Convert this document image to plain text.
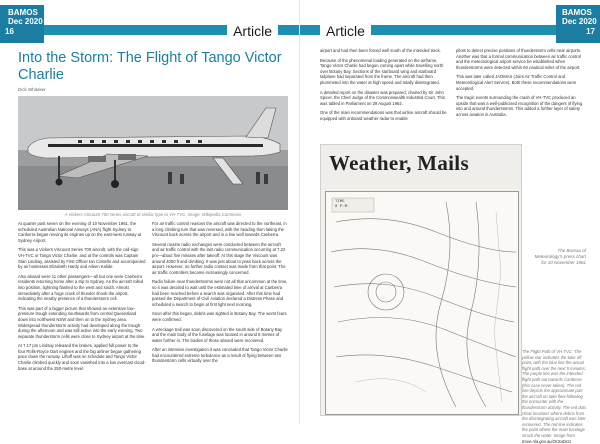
BAMOS
Dec 2020
16	Article
Into the Storm: The Flight of Tango Victor Charlie
Dick Whitaker
A Vickers Viscount 700 series aircraft of similar type to VH-TVC. Image: Wikipedia Commons

At quarter past seven on the evening of 10 November 1961, the scheduled Australian National Airways (ANA) flight Sydney to Canberra began revving its engines up on the east-west runway at Sydney Airport.

This was a Vickers Viscount Series 700 aircraft, with the call-sign VH-TVC or Tango Victor Charlie, and at the controls was Captain Stan Lindsay, assisted by First Officer Ian Costello and accompanied by air hostesses Elizabeth Hardy and Aileen Kalide.

Also aboard were 11 other passengers—all but one were Canberra residents returning home after a trip to Sydney. As the aircraft rolled into position, lightning flashed to the west and south. Almost immediately after a huge crack of thunder shook the airport, indicating the nearby presence of a thunderstorm cell.

This was part of a bigger picture that showed an extensive low-pressure trough extending southwards from central Queensland down into northwest NSW and then on to the Sydney area. Widespread thunderstorm activity had developed along the trough during the afternoon and was still active into the early evening. Two separate thunderstorm cells were close to Sydney airport at the time.

At 7.17 pm Lindsay released the brakes, applied full power to the four Rolls-Royce Dart engines and the big airliner began gathering pace down the runway. Liftoff was on schedule and Tango Victor Charlie climbed quickly and soon vanished into a low overcast cloud-base at around the 250-metre level.

For air traffic control reasons the aircraft was directed to the northeast, in a long climbing turn that was reversed, with the heading then taking the Viscount back across the airport and in a line well towards Canberra.

Several routine radio exchanges were conducted between the aircraft and air traffic control with the last radio communication occurring at 7.22 pm—about five minutes after takeoff. At this stage the Viscount was around 4000 ft and climbing. It was just about to pass back across the airport. However, no further radio contact was made from that point. The air traffic controllers became increasingly concerned.

Radio failure near thunderstorms were not all that uncommon at the time, so it was decided to wait until the estimated time of arrival at Canberra had been reached before a search was organised. After this time had passed the Department of Civil Aviation declared a Distress Phase and scheduled a search to begin at first light next morning.

Soon after this began, debris was sighted in Botany Bay. The worst fears were confirmed.

A wreckage trail was soon discovered on the south side of Botany Bay and the main body of the fuselage was located in around 6 metres of water further in. The bodies of those aboard were recovered.

After an intensive investigation it was concluded that Tango Victor Charlie had encountered extreme turbulence as a result of flying between two thunderstorm cells virtually over the

BAMOS
Dec 2020
17
Article

airport and had then been forced well south of the intended track.

Because of the phenomenal loading generated on the airframe, Tango Victor Charlie had begun coming apart while travelling north over Botany Bay. Sections of the starboard wing and starboard tailplane had separated from the frame. The aircraft had then plummeted into the water at high speed and totally disintegrated.

A detailed report on the disaster was prepared, chaired by Sir John Spicer, the Chief Judge of the Commonwealth Industrial Court. This was tabled in Parliament on 29 August 1962.

One of the main recommendations was that airline aircraft should be equipped with onboard weather radar to enable

pilots to detect precise positions of thunderstorm cells near airports. Another was that a formal communication between air traffic control and the meteorological airport service be established when thunderstorms were detected within 60 nautical miles of the airport.

This was later called JAOMAS (Joint Air Traffic Control and Meteorological Alert Service). Both these recommendations were accepted.

The tragic events surrounding the crash of VH-TVC produced an upside that was a well-publicised recognition of the dangers of flying into and around thunderstorms. This added a further layer of safety across aviation in Australia.

Weather, Mails
TIME
8 P.M.
The Bureau of Meteorology's press chart for 10 November 1961
The Flight Path of VH-TVC. The yellow star indicates the take off point, with the blue line the actual flight path over the next 5 minutes. The purple line was the intended flight path out towards Canberra (this case never taken). The red line depicts the approximate part the aircraft on take flew following the encounter with the thunderstorm activity. The red dots show locations where debris from the disintegrating aircraft was later recovered. The red line indicates the point where the main fuselage struck the water. Image from trove.nla.gov.au/2KSaDcG
